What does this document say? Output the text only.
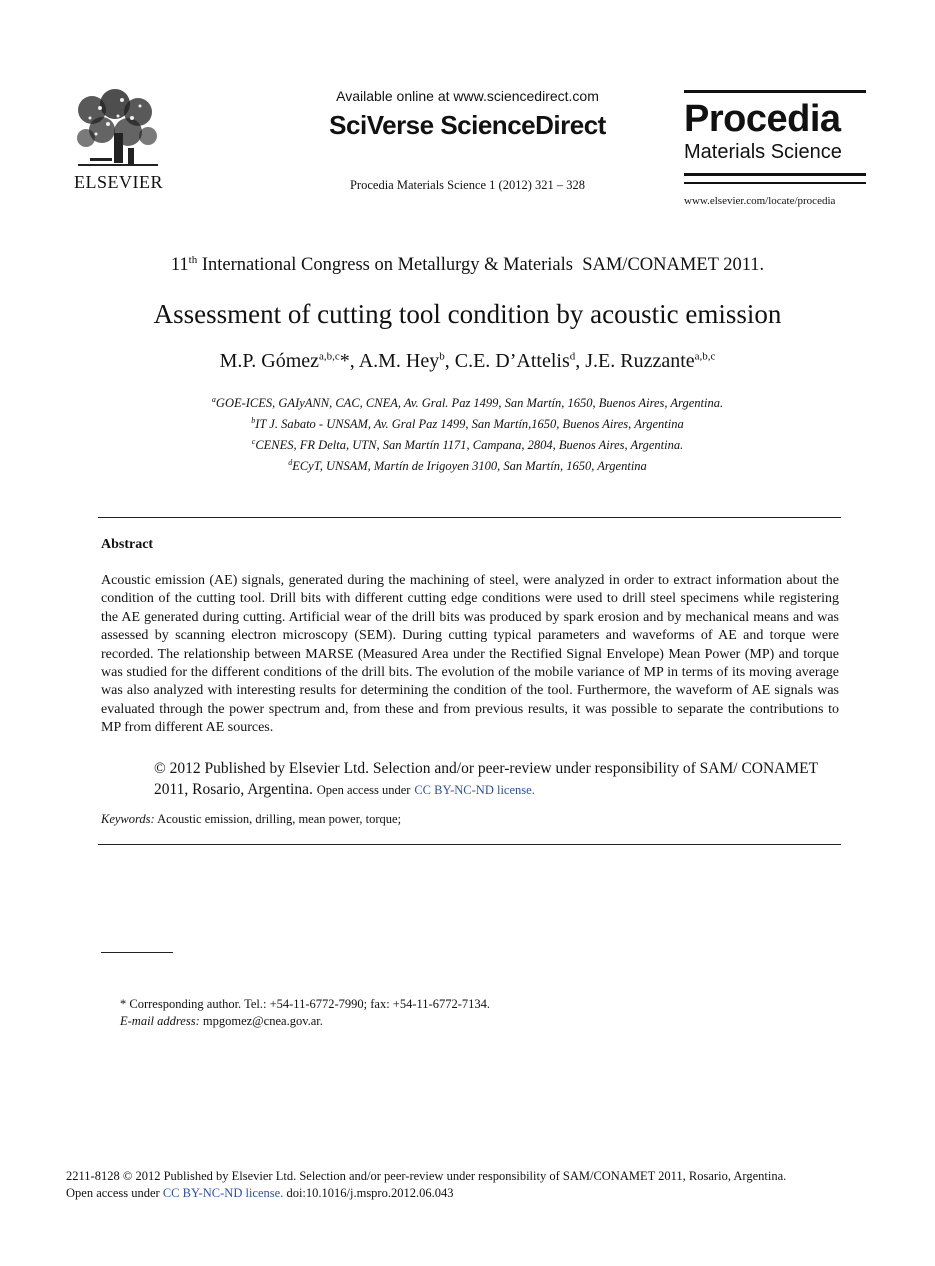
ELSEVIER
Available online at www.sciencedirect.com
SciVerse ScienceDirect
Procedia Materials Science 1 (2012) 321 – 328
Procedia
Materials Science
www.elsevier.com/locate/procedia
11th International Congress on Metallurgy & Materials  SAM/CONAMET 2011.
Assessment of cutting tool condition by acoustic emission
M.P. Gómez$^{a,b,c}$*, A.M. Hey$^b$, C.E. D’Attelis$^d$, J.E. Ruzzante$^{a,b,c}$
$^a$GOE-ICES, GAIyANN, CAC, CNEA, Av. Gral. Paz 1499, San Martín, 1650, Buenos Aires, Argentina.
$^b$IT J. Sabato - UNSAM, Av. Gral Paz 1499, San Martín,1650, Buenos Aires, Argentina
$^c$CENES, FR Delta, UTN, San Martín 1171, Campana, 2804, Buenos Aires, Argentina.
$^d$ECyT, UNSAM, Martín de Irigoyen 3100, San Martín, 1650, Argentina
Abstract
Acoustic emission (AE) signals, generated during the machining of steel, were analyzed in order to extract information about the condition of the cutting tool. Drill bits with different cutting edge conditions were used to drill steel specimens while registering the AE generated during cutting. Artificial wear of the drill bits was produced by spark erosion and by mechanical means and was assessed by scanning electron microscopy (SEM). During cutting typical parameters and waveforms of AE and torque were recorded. The relationship between MARSE (Measured Area under the Rectified Signal Envelope) Mean Power (MP) and torque was studied for the different conditions of the drill bits. The evolution of the mobile variance of MP in terms of its moving average was also analyzed with interesting results for determining the condition of the tool. Furthermore, the waveform of AE signals was evaluated through the power spectrum and, from these and from previous results, it was possible to separate the contributions to MP from different AE sources.
© 2012 Published by Elsevier Ltd. Selection and/or peer-review under responsibility of SAM/ CONAMET 2011, Rosario, Argentina. Open access under CC BY-NC-ND license.
Keywords: Acoustic emission, drilling, mean power, torque;
* Corresponding author. Tel.: +54-11-6772-7990; fax: +54-11-6772-7134.
E-mail address: mpgomez@cnea.gov.ar.
2211-8128 © 2012 Published by Elsevier Ltd. Selection and/or peer-review under responsibility of SAM/CONAMET 2011, Rosario, Argentina.
Open access under CC BY-NC-ND license. doi:10.1016/j.mspro.2012.06.043
